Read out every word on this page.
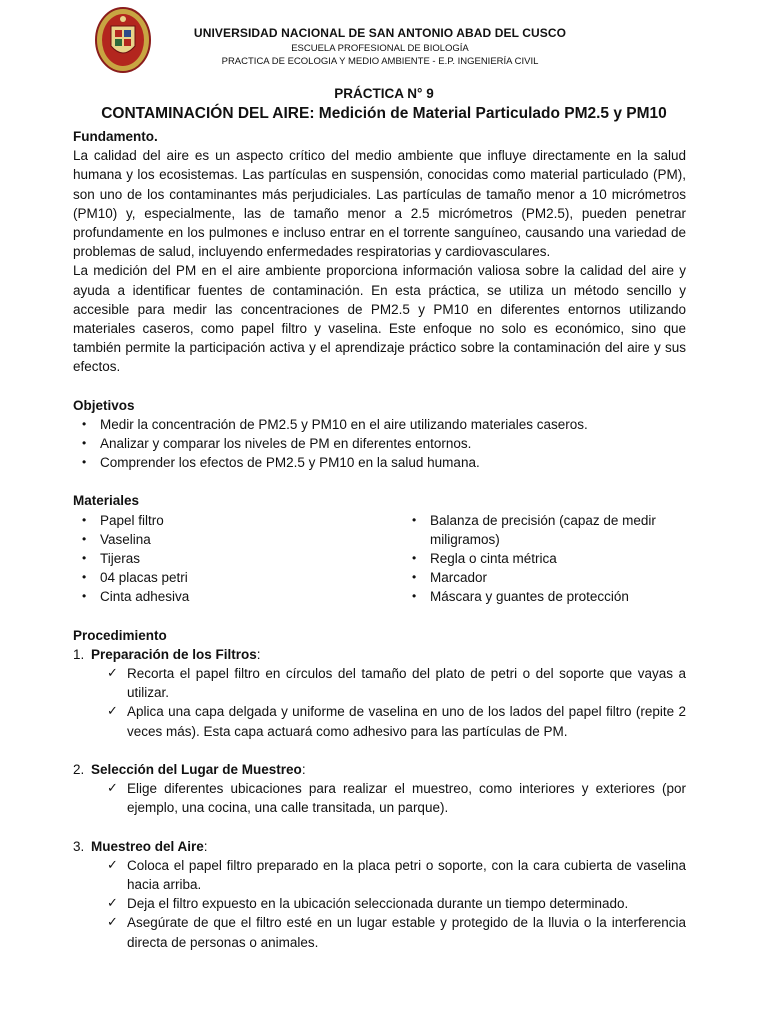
UNIVERSIDAD NACIONAL DE SAN ANTONIO ABAD DEL CUSCO
ESCUELA PROFESIONAL DE BIOLOGÍA
PRACTICA DE ECOLOGIA Y MEDIO AMBIENTE - E.P. INGENIERÍA CIVIL
PRÁCTICA N° 9
CONTAMINACIÓN DEL AIRE: Medición de Material Particulado PM2.5 y PM10
Fundamento.

La calidad del aire es un aspecto crítico del medio ambiente que influye directamente en la salud humana y los ecosistemas. Las partículas en suspensión, conocidas como material particulado (PM), son uno de los contaminantes más perjudiciales. Las partículas de tamaño menor a 10 micrómetros (PM10) y, especialmente, las de tamaño menor a 2.5 micrómetros (PM2.5), pueden penetrar profundamente en los pulmones e incluso entrar en el torrente sanguíneo, causando una variedad de problemas de salud, incluyendo enfermedades respiratorias y cardiovasculares.

La medición del PM en el aire ambiente proporciona información valiosa sobre la calidad del aire y ayuda a identificar fuentes de contaminación. En esta práctica, se utiliza un método sencillo y accesible para medir las concentraciones de PM2.5 y PM10 en diferentes entornos utilizando materiales caseros, como papel filtro y vaselina. Este enfoque no solo es económico, sino que también permite la participación activa y el aprendizaje práctico sobre la contaminación del aire y sus efectos.

Objetivos
• Medir la concentración de PM2.5 y PM10 en el aire utilizando materiales caseros.
• Analizar y comparar los niveles de PM en diferentes entornos.
• Comprender los efectos de PM2.5 y PM10 en la salud humana.
Materiales
• Papel filtro
• Vaselina
• Tijeras
• 04 placas petri
• Cinta adhesiva
• Balanza de precisión (capaz de medir miligramos)
• Regla o cinta métrica
• Marcador
• Máscara y guantes de protección
Procedimiento
1. Preparación de los Filtros:
✓ Recorta el papel filtro en círculos del tamaño del plato de petri o del soporte que vayas a utilizar.
✓ Aplica una capa delgada y uniforme de vaselina en uno de los lados del papel filtro (repite 2 veces más). Esta capa actuará como adhesivo para las partículas de PM.
2. Selección del Lugar de Muestreo:
✓ Elige diferentes ubicaciones para realizar el muestreo, como interiores y exteriores (por ejemplo, una cocina, una calle transitada, un parque).
3. Muestreo del Aire:
✓ Coloca el papel filtro preparado en la placa petri o soporte, con la cara cubierta de vaselina hacia arriba.
✓ Deja el filtro expuesto en la ubicación seleccionada durante un tiempo determinado.
✓ Asegúrate de que el filtro esté en un lugar estable y protegido de la lluvia o la interferencia directa de personas o animales.
